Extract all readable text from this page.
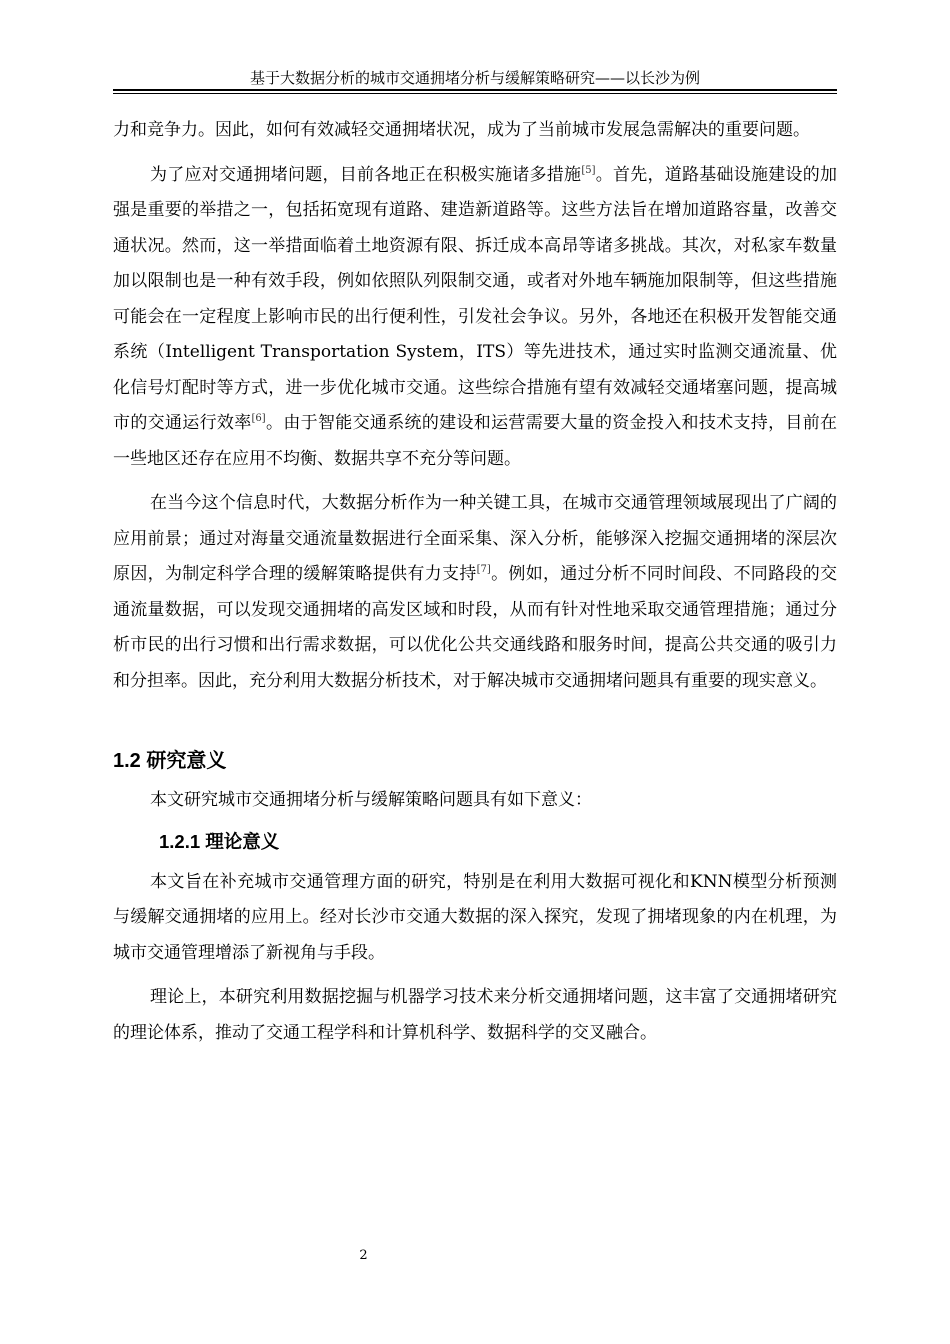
基于大数据分析的城市交通拥堵分析与缓解策略研究——以长沙为例

力和竞争力。因此，如何有效减轻交通拥堵状况，成为了当前城市发展急需解决的重要问题。

为了应对交通拥堵问题，目前各地正在积极实施诸多措施[5]。首先，道路基础设施建设的加强是重要的举措之一，包括拓宽现有道路、建造新道路等。这些方法旨在增加道路容量，改善交通状况。然而，这一举措面临着土地资源有限、拆迁成本高昂等诸多挑战。其次，对私家车数量加以限制也是一种有效手段，例如依照队列限制交通，或者对外地车辆施加限制等，但这些措施可能会在一定程度上影响市民的出行便利性，引发社会争议。另外，各地还在积极开发智能交通系统（Intelligent Transportation System，ITS）等先进技术，通过实时监测交通流量、优化信号灯配时等方式，进一步优化城市交通。这些综合措施有望有效减轻交通堵塞问题，提高城市的交通运行效率[6]。由于智能交通系统的建设和运营需要大量的资金投入和技术支持，目前在一些地区还存在应用不均衡、数据共享不充分等问题。

在当今这个信息时代，大数据分析作为一种关键工具，在城市交通管理领域展现出了广阔的应用前景；通过对海量交通流量数据进行全面采集、深入分析，能够深入挖掘交通拥堵的深层次原因，为制定科学合理的缓解策略提供有力支持[7]。例如，通过分析不同时间段、不同路段的交通流量数据，可以发现交通拥堵的高发区域和时段，从而有针对性地采取交通管理措施；通过分析市民的出行习惯和出行需求数据，可以优化公共交通线路和服务时间，提高公共交通的吸引力和分担率。因此，充分利用大数据分析技术，对于解决城市交通拥堵问题具有重要的现实意义。

1.2 研究意义

本文研究城市交通拥堵分析与缓解策略问题具有如下意义：

1.2.1 理论意义

本文旨在补充城市交通管理方面的研究，特别是在利用大数据可视化和KNN模型分析预测与缓解交通拥堵的应用上。经对长沙市交通大数据的深入探究，发现了拥堵现象的内在机理，为城市交通管理增添了新视角与手段。

理论上，本研究利用数据挖掘与机器学习技术来分析交通拥堵问题，这丰富了交通拥堵研究的理论体系，推动了交通工程学科和计算机科学、数据科学的交叉融合。

2
